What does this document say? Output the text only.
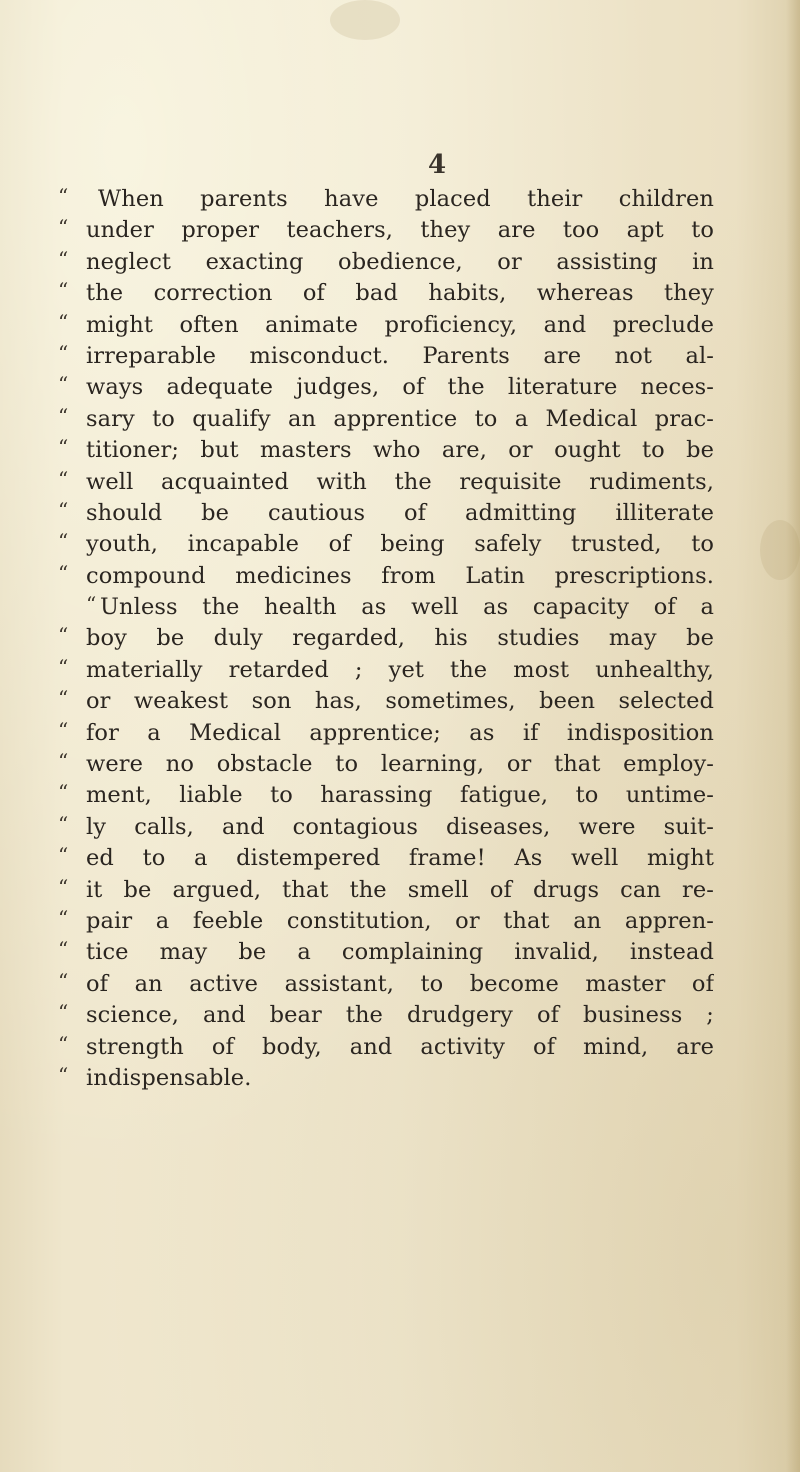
4

“ When parents have placed their children
“ under proper teachers, they are too apt to
“ neglect exacting obedience, or assisting in
“ the correction of bad habits, whereas they
“ might often animate proficiency, and preclude
“ irreparable misconduct. Parents are not al-
“ ways adequate judges, of the literature neces-
“ sary to qualify an apprentice to a Medical prac-
“ titioner; but masters who are, or ought to be
“ well acquainted with the requisite rudiments,
“ should be cautious of admitting illiterate
“ youth, incapable of being safely trusted, to
“ compound medicines from Latin prescriptions.
“ Unless the health as well as capacity of a
“ boy be duly regarded, his studies may be
“ materially retarded ; yet the most unhealthy,
“ or weakest son has, sometimes, been selected
“ for a Medical apprentice; as if indisposition
“ were no obstacle to learning, or that employ-
“ ment, liable to harassing fatigue, to untime-
“ ly calls, and contagious diseases, were suit-
“ ed to a distempered frame! As well might
“ it be argued, that the smell of drugs can re-
“ pair a feeble constitution, or that an appren-
“ tice may be a complaining invalid, instead
“ of an active assistant, to become master of
“ science, and bear the drudgery of business ;
“ strength of body, and activity of mind, are
“ indispensable.
